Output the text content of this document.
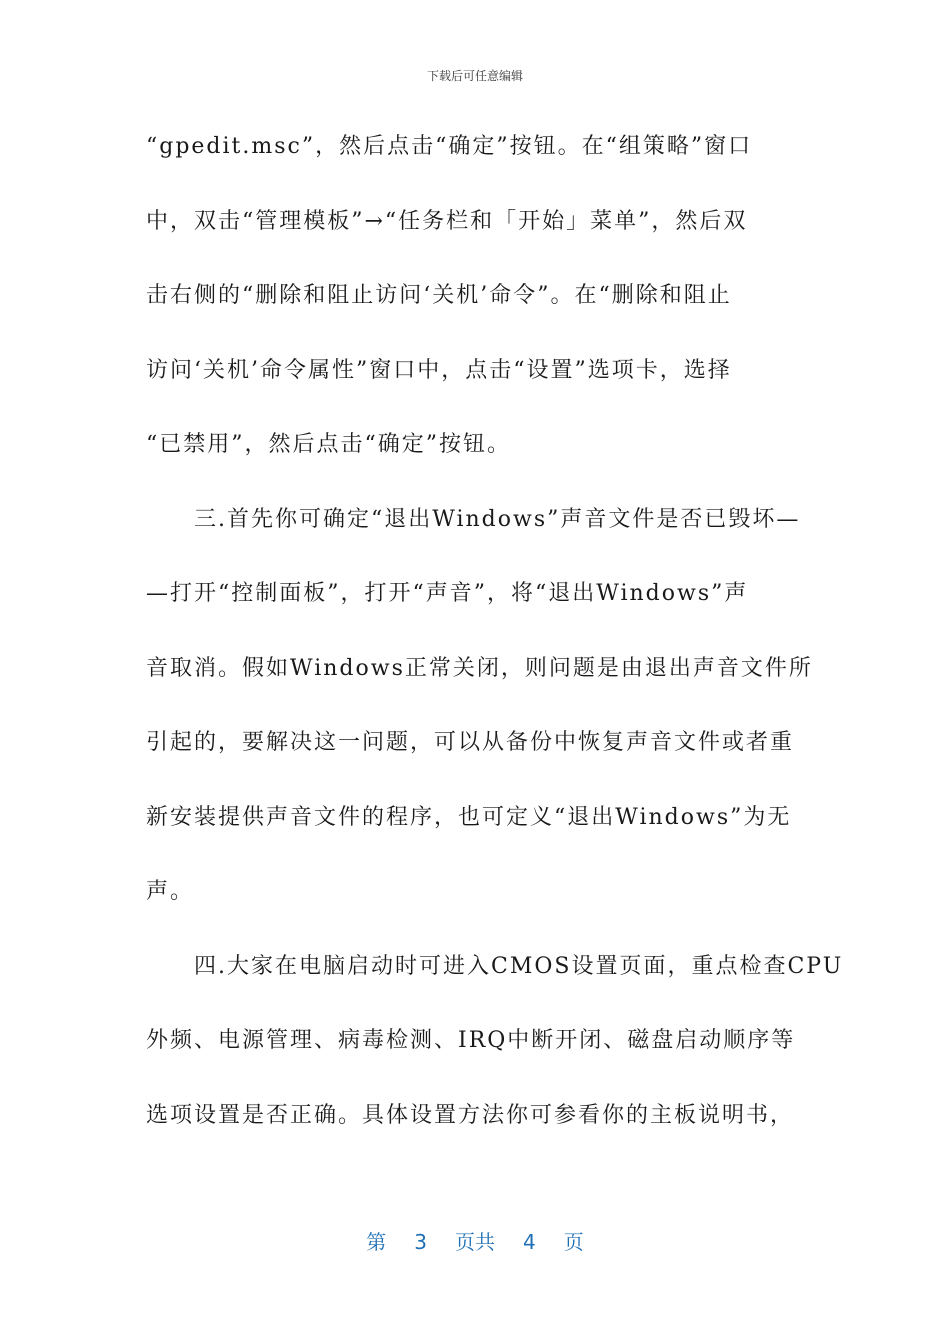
下载后可任意编辑
“gpedit.msc”，然后点击“确定”按钮。在“组策略”窗口
中，双击“管理模板”→“任务栏和「开始」菜单”，然后双
击右侧的“删除和阻止访问‘关机’命令”。在“删除和阻止
访问‘关机’命令属性”窗口中，点击“设置”选项卡，选择
“已禁用”，然后点击“确定”按钮。
　　三.首先你可确定“退出Windows”声音文件是否已毁坏—
—打开“控制面板”，打开“声音”，将“退出Windows”声
音取消。假如Windows正常关闭，则问题是由退出声音文件所
引起的，要解决这一问题，可以从备份中恢复声音文件或者重
新安装提供声音文件的程序，也可定义“退出Windows”为无
声。
　　四.大家在电脑启动时可进入CMOS设置页面，重点检查CPU
外频、电源管理、病毒检测、IRQ中断开闭、磁盘启动顺序等
选项设置是否正确。具体设置方法你可参看你的主板说明书，
第 3 页共 4 页
